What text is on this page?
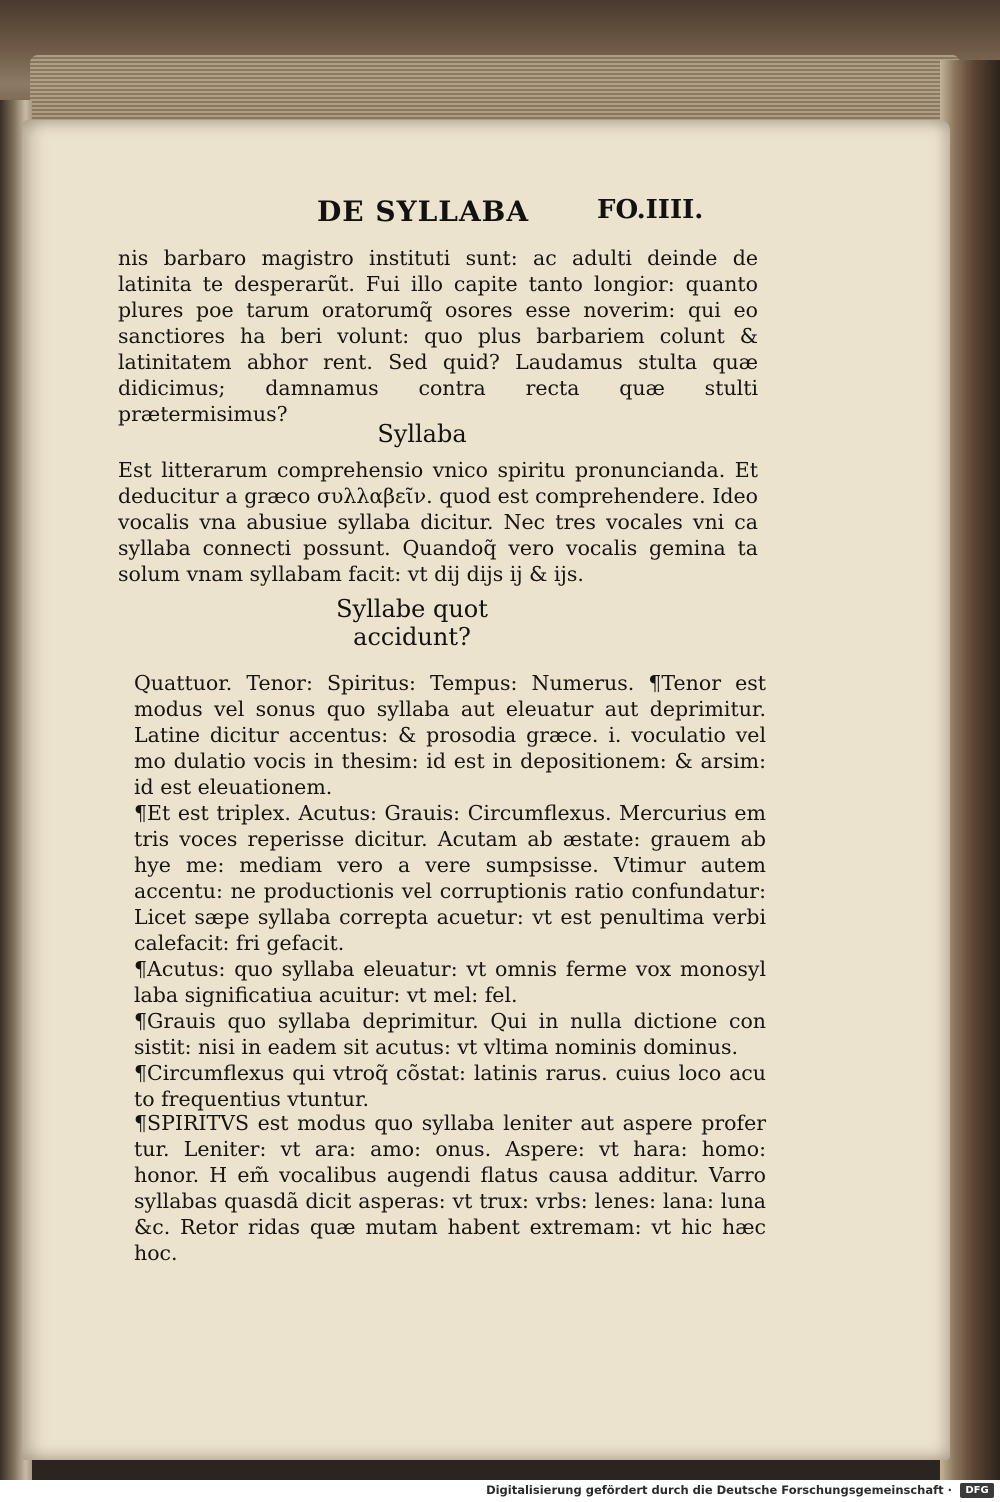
DE SYLLABA	FO.IIII.

nis barbaro magistro instituti sunt: ac adulti deinde de latinita te desperarũt. Fui illo capite tanto longior: quanto plures poe tarum oratorumq̃ osores esse noverim: qui eo sanctiores ha beri volunt: quo plus barbariem colunt & latinitatem abhor rent. Sed quid? Laudamus stulta quæ didicimus; damnamus contra recta quæ stulti prætermisimus?

Syllaba

Est litterarum comprehensio vnico spiritu pronuncianda. Et deducitur a græco συλλαβεῖν. quod est comprehendere. Ideo vocalis vna abusiue syllaba dicitur. Nec tres vocales vni ca syllaba connecti possunt. Quandoq̃ vero vocalis gemina ta solum vnam syllabam facit: vt dij dijs ij & ijs.

Syllabe quot
accidunt?

Quattuor. Tenor: Spiritus: Tempus: Numerus. ¶Tenor est modus vel sonus quo syllaba aut eleuatur aut deprimitur. Latine dicitur accentus: & prosodia græce. i. voculatio vel mo dulatio vocis in thesim: id est in depositionem: & arsim: id est eleuationem.

¶Et est triplex. Acutus: Grauis: Circumflexus. Mercurius em tris voces reperisse dicitur. Acutam ab æstate: grauem ab hye me: mediam vero a vere sumpsisse. Vtimur autem accentu: ne productionis vel corruptionis ratio confundatur: Licet sæpe syllaba correpta acuetur: vt est penultima verbi calefacit: fri gefacit.

¶Acutus: quo syllaba eleuatur: vt omnis ferme vox monosyl laba significatiua acuitur: vt mel: fel.

¶Grauis quo syllaba deprimitur. Qui in nulla dictione con sistit: nisi in eadem sit acutus: vt vltima nominis dominus.

¶Circumflexus qui vtroq̃ cõstat: latinis rarus. cuius loco acu to frequentius vtuntur.

¶SPIRITVS est modus quo syllaba leniter aut aspere profer tur. Leniter: vt ara: amo: onus. Aspere: vt hara: homo: honor. H em̃ vocalibus augendi flatus causa additur. Varro syllabas quasdã dicit asperas: vt trux: vrbs: lenes: lana: luna &c. Retor ridas quæ mutam habent extremam: vt hic hæc hoc.

Digitalisierung gefördert durch die Deutsche Forschungsgemeinschaft ·	DFG
